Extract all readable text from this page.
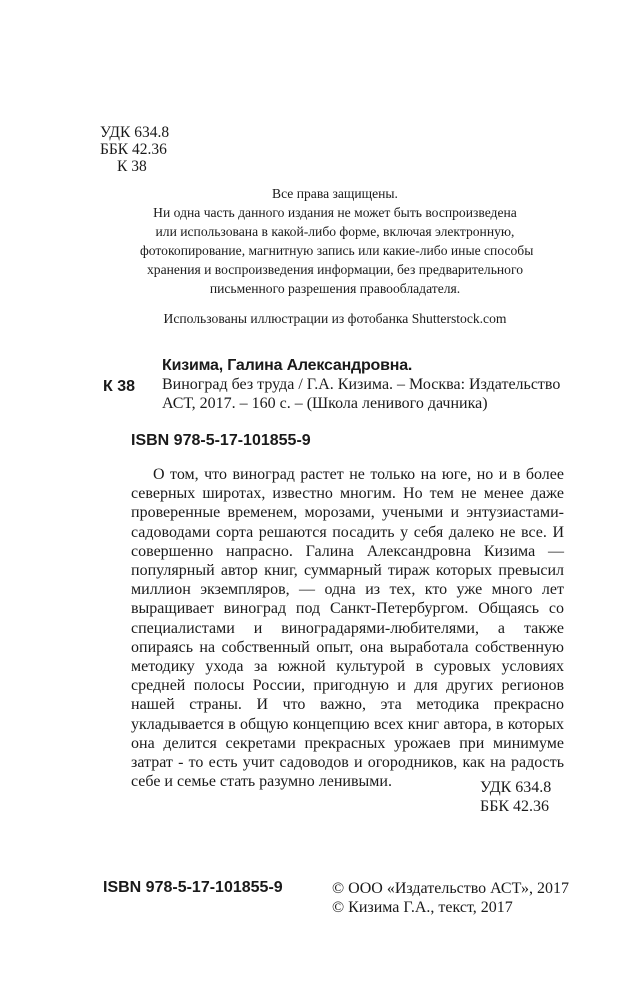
УДК 634.8
ББК 42.36
К 38
Все права защищены.
Ни одна часть данного издания не может быть воспроизведена
или использована в какой-либо форме, включая электронную,
фотокопирование, магнитную запись или какие-либо иные способы
хранения и воспроизведения информации, без предварительного
письменного разрешения правообладателя.
Использованы иллюстрации из фотобанка Shutterstock.com
Кизима, Галина Александровна.
К 38 Виноград без труда / Г.А. Кизима. – Москва: Издательство
АСТ, 2017. – 160 с. – (Школа ленивого дачника)
ISBN 978-5-17-101855-9
О том, что виноград растет не только на юге, но и в более северных широтах, известно многим. Но тем не менее даже проверенные временем, морозами, учеными и энтузиастами-садоводами сорта решаются посадить у себя далеко не все. И совершенно напрасно. Галина Александровна Кизима — популярный автор книг, суммарный тираж которых превысил миллион экземпляров, — одна из тех, кто уже много лет выращивает виноград под Санкт-Петербургом. Общаясь со специалистами и виноградарями-любителями, а также опираясь на собственный опыт, она выработала собственную методику ухода за южной культурой в суровых условиях средней полосы России, пригодную и для других регионов нашей страны. И что важно, эта методика прекрасно укладывается в общую концепцию всех книг автора, в которых она делится секретами прекрасных урожаев при минимуме затрат - то есть учит садоводов и огородников, как на радость себе и семье стать разумно ленивыми.	УДК 634.8
ББК 42.36
ISBN 978-5-17-101855-9	© ООО «Издательство АСТ», 2017
© Кизима Г.А., текст, 2017
